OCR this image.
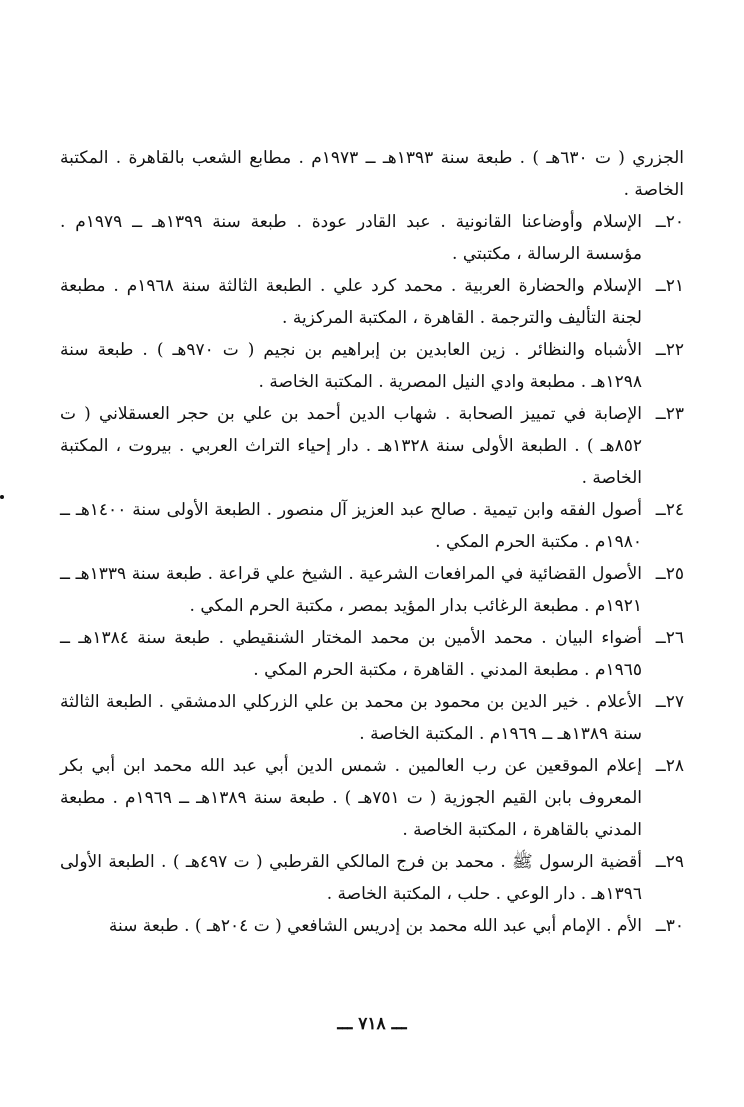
الجزري ( ت ٦٣٠هـ ) . طبعة سنة ١٣٩٣هـ ــ ١٩٧٣م . مطابع الشعب بالقاهرة . المكتبة الخاصة .

٢٠ــ
الإسلام وأوضاعنا القانونية . عبد القادر عودة . طبعة سنة ١٣٩٩هـ ــ ١٩٧٩م . مؤسسة الرسالة ، مكتبتي .
٢١ــ
الإسلام والحضارة العربية . محمد كرد علي . الطبعة الثالثة سنة ١٩٦٨م . مطبعة لجنة التأليف والترجمة . القاهرة ، المكتبة المركزية .
٢٢ــ
الأشباه والنظائر . زين العابدين بن إبراهيم بن نجيم ( ت ٩٧٠هـ ) . طبعة سنة ١٢٩٨هـ . مطبعة وادي النيل المصرية . المكتبة الخاصة .
٢٣ــ
الإصابة في تمييز الصحابة . شهاب الدين أحمد بن علي بن حجر العسقلاني ( ت ٨٥٢هـ ) . الطبعة الأولى سنة ١٣٢٨هـ . دار إحياء التراث العربي . بيروت ، المكتبة الخاصة .
٢٤ــ
أصول الفقه وابن تيمية . صالح عبد العزيز آل منصور . الطبعة الأولى سنة ١٤٠٠هـ ــ ١٩٨٠م . مكتبة الحرم المكي .
٢٥ــ
الأصول القضائية في المرافعات الشرعية . الشيخ علي قراعة . طبعة سنة ١٣٣٩هـ ــ ١٩٢١م . مطبعة الرغائب بدار المؤيد بمصر ، مكتبة الحرم المكي .
٢٦ــ
أضواء البيان . محمد الأمين بن محمد المختار الشنقيطي . طبعة سنة ١٣٨٤هـ ــ ١٩٦٥م . مطبعة المدني . القاهرة ، مكتبة الحرم المكي .
٢٧ــ
الأعلام . خير الدين بن محمود بن محمد بن علي الزركلي الدمشقي . الطبعة الثالثة سنة ١٣٨٩هـ ــ ١٩٦٩م . المكتبة الخاصة .
٢٨ــ
إعلام الموقعين عن رب العالمين . شمس الدين أبي عبد الله محمد ابن أبي بكر المعروف بابن القيم الجوزية ( ت ٧٥١هـ ) . طبعة سنة ١٣٨٩هـ ــ ١٩٦٩م . مطبعة المدني بالقاهرة ، المكتبة الخاصة .
٢٩ــ
أقضية الرسول ﷺ . محمد بن فرج المالكي القرطبي ( ت ٤٩٧هـ ) . الطبعة الأولى ١٣٩٦هـ . دار الوعي . حلب ، المكتبة الخاصة .
٣٠ــ
الأم . الإمام أبي عبد الله محمد بن إدريس الشافعي ( ت ٢٠٤هـ ) . طبعة سنة
ـــ ٧١٨ ـــ
